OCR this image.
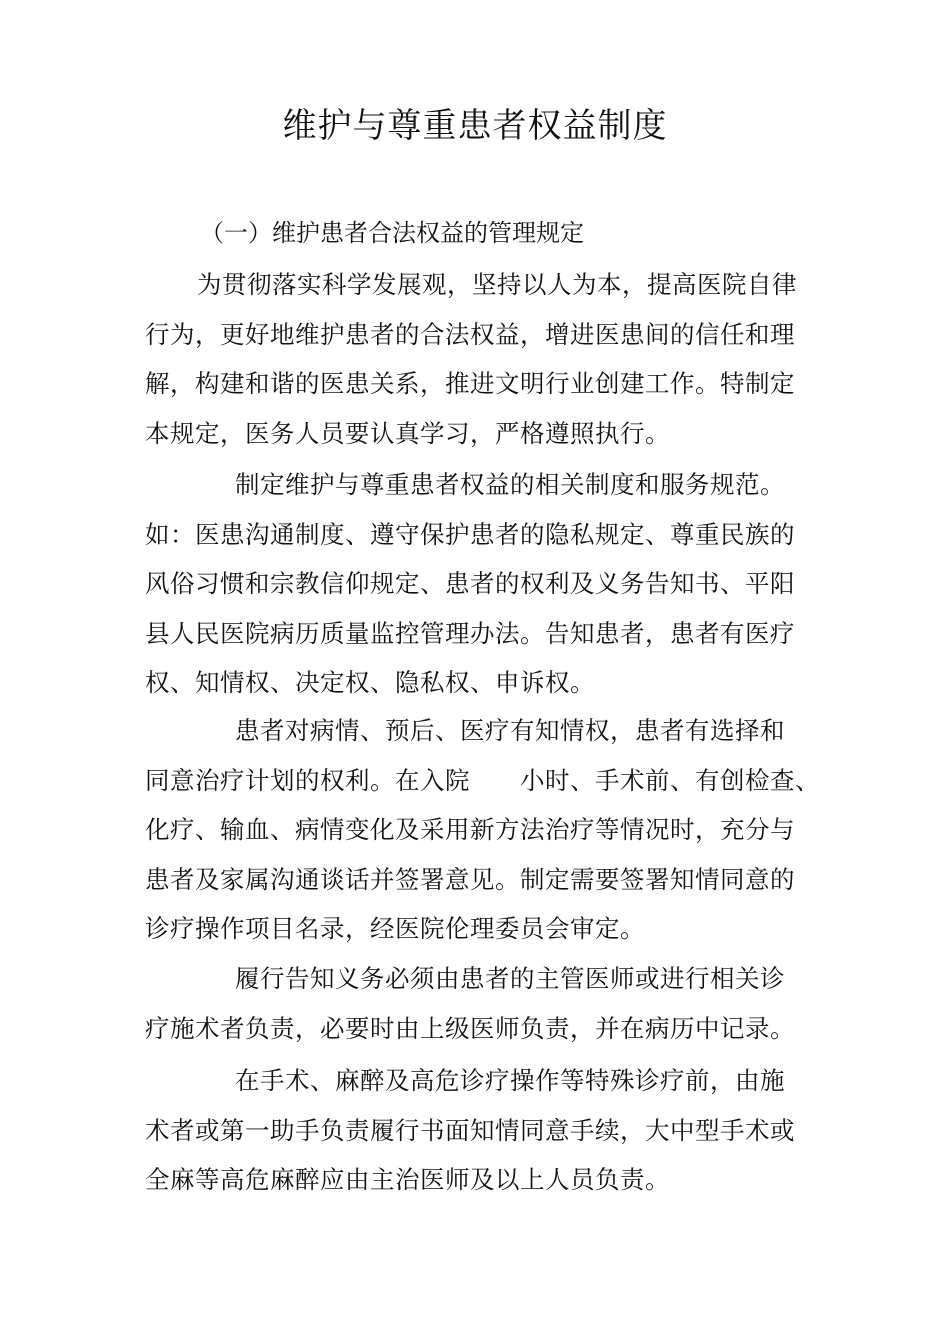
维护与尊重患者权益制度
（一）维护患者合法权益的管理规定
为贯彻落实科学发展观，坚持以人为本，提高医院自律
行为，更好地维护患者的合法权益，增进医患间的信任和理
解，构建和谐的医患关系，推进文明行业创建工作。特制定
本规定，医务人员要认真学习，严格遵照执行。
制定维护与尊重患者权益的相关制度和服务规范。
如：医患沟通制度、遵守保护患者的隐私规定、尊重民族的
风俗习惯和宗教信仰规定、患者的权利及义务告知书、平阳
县人民医院病历质量监控管理办法。告知患者，患者有医疗
权、知情权、决定权、隐私权、申诉权。
患者对病情、预后、医疗有知情权，患者有选择和
同意治疗计划的权利。在入院　　小时、手术前、有创检查、
化疗、输血、病情变化及采用新方法治疗等情况时，充分与
患者及家属沟通谈话并签署意见。制定需要签署知情同意的
诊疗操作项目名录，经医院伦理委员会审定。
履行告知义务必须由患者的主管医师或进行相关诊
疗施术者负责，必要时由上级医师负责，并在病历中记录。
在手术、麻醉及高危诊疗操作等特殊诊疗前，由施
术者或第一助手负责履行书面知情同意手续，大中型手术或
全麻等高危麻醉应由主治医师及以上人员负责。
